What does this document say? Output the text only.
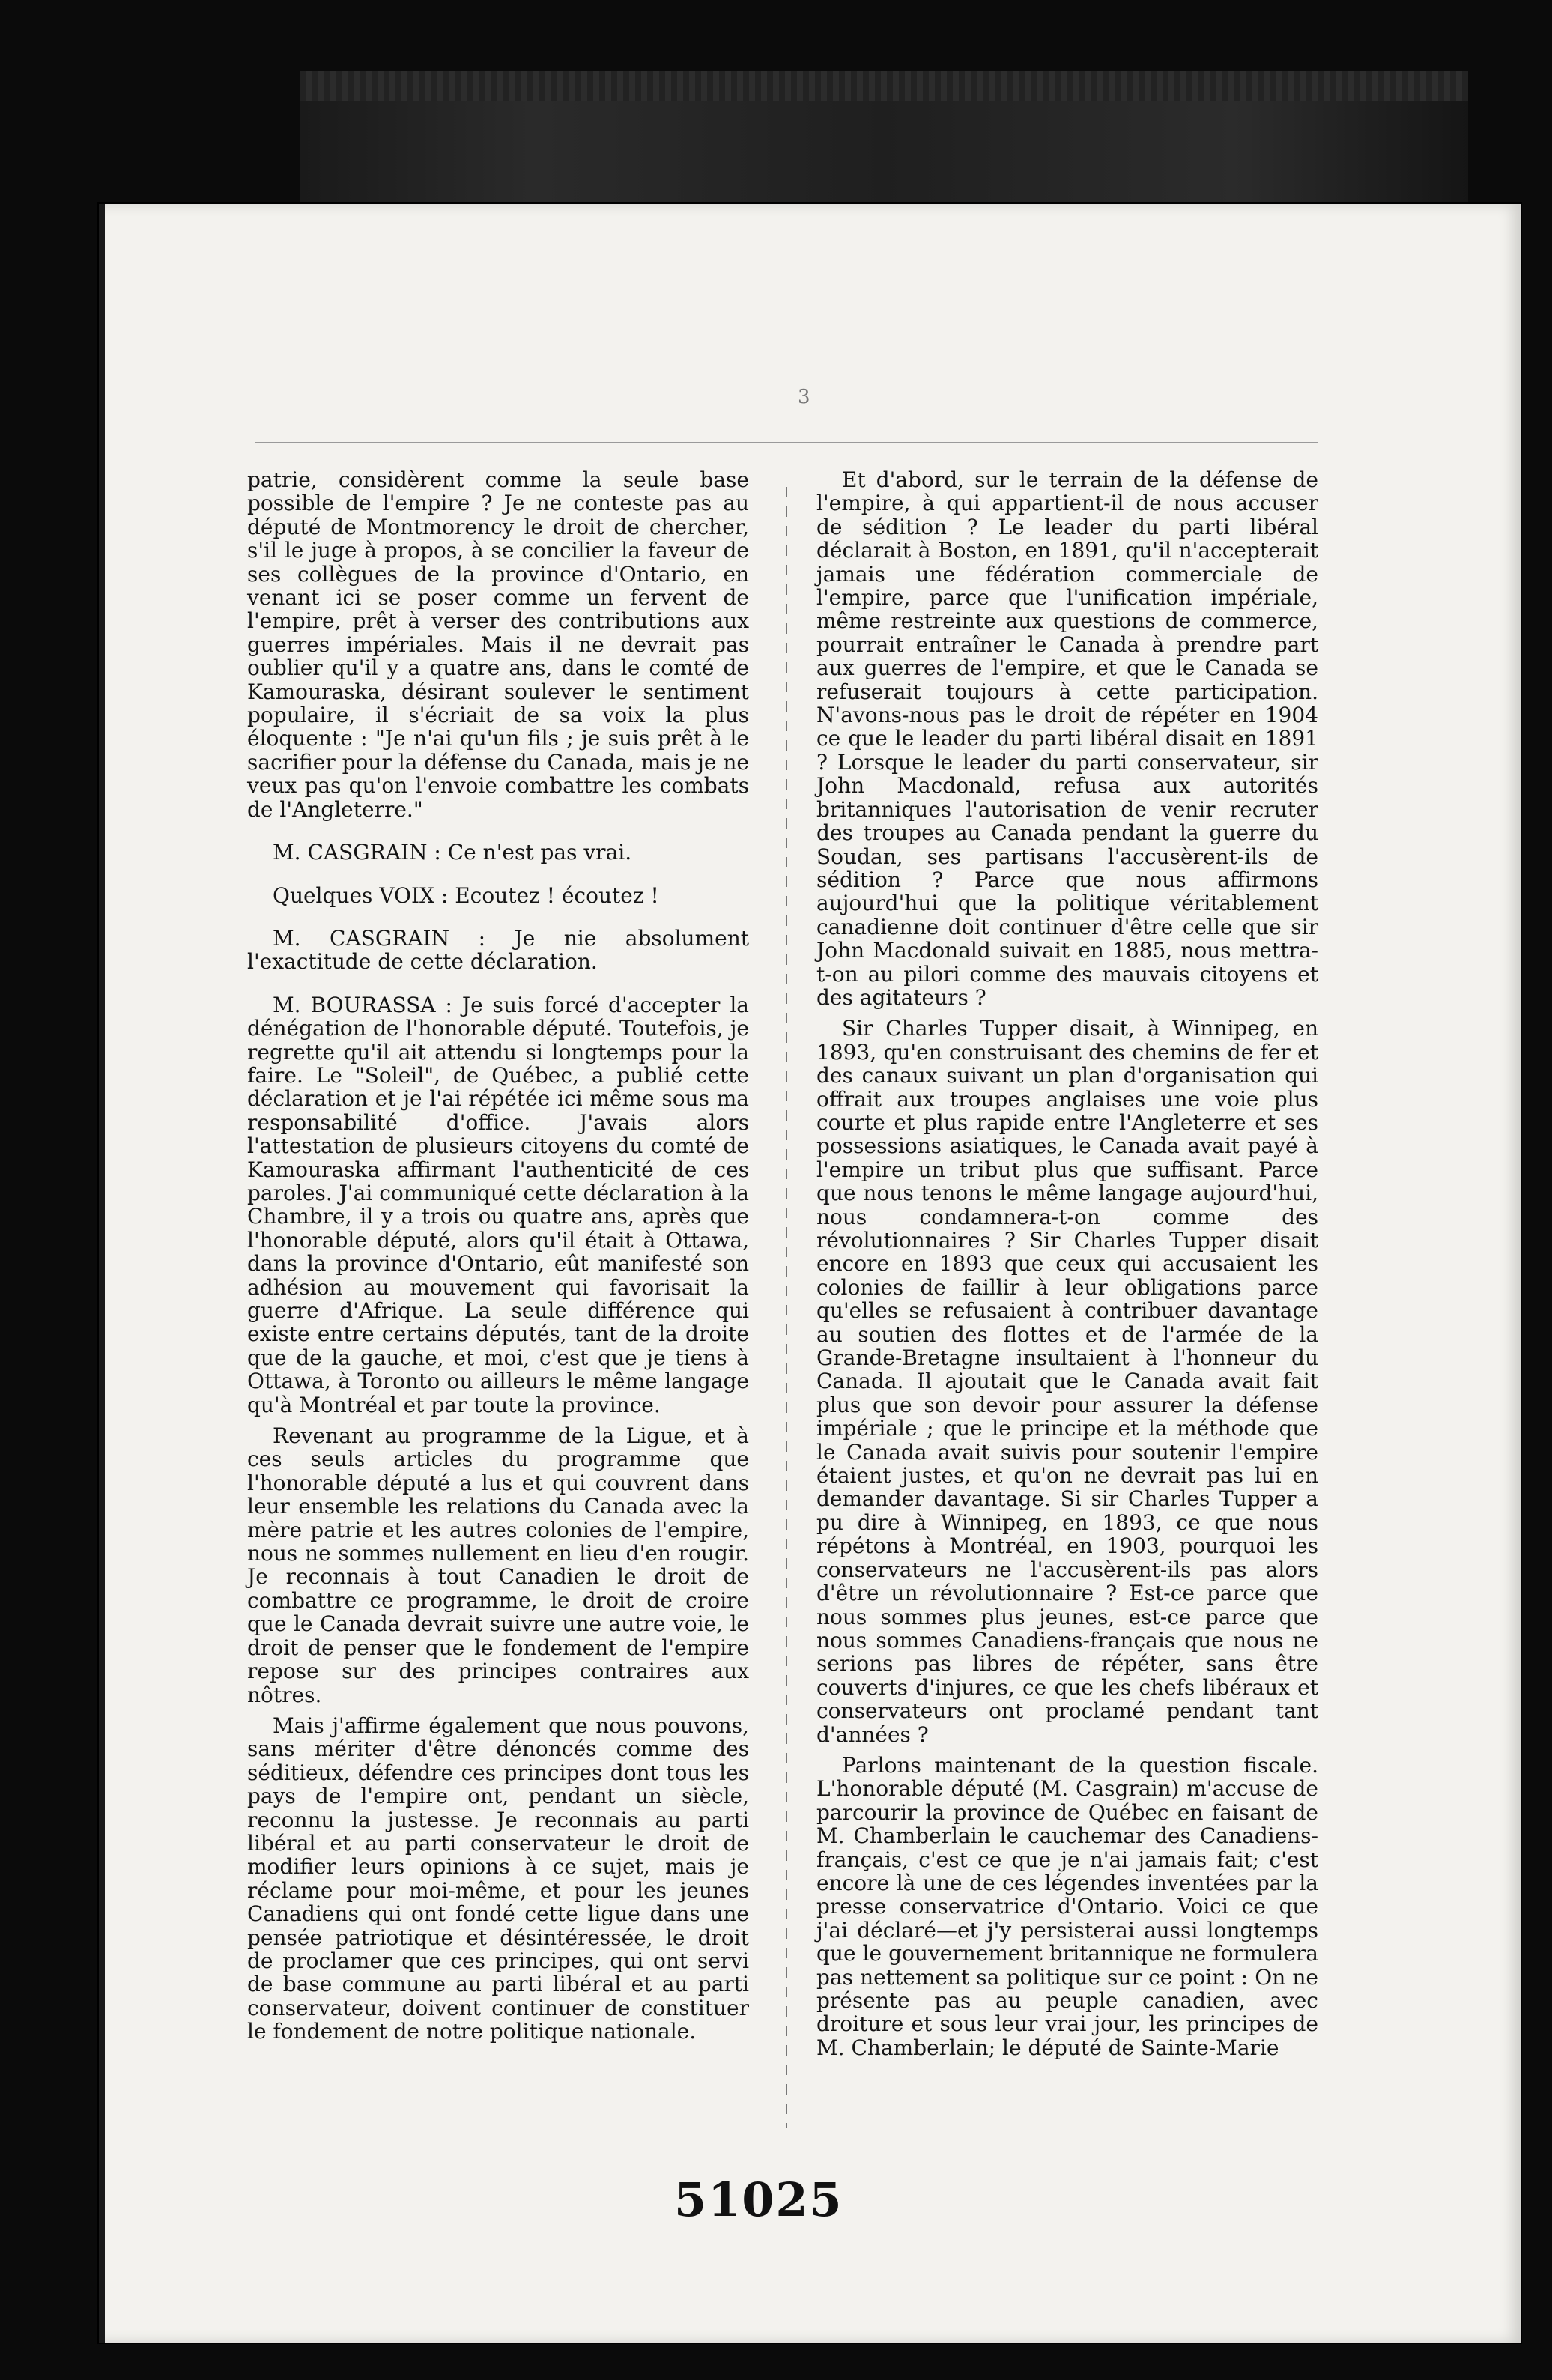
3

patrie, considèrent comme la seule base possible de l'empire ? Je ne conteste pas au député de Montmorency le droit de chercher, s'il le juge à propos, à se concilier la faveur de ses collègues de la province d'Ontario, en venant ici se poser comme un fervent de l'empire, prêt à verser des contributions aux guerres impériales. Mais il ne devrait pas oublier qu'il y a quatre ans, dans le comté de Kamouraska, désirant soulever le sentiment populaire, il s'écriait de sa voix la plus éloquente : "Je n'ai qu'un fils ; je suis prêt à le sacrifier pour la défense du Canada, mais je ne veux pas qu'on l'envoie combattre les combats de l'Angleterre."

M. CASGRAIN : Ce n'est pas vrai.

Quelques VOIX : Ecoutez ! écoutez !

M. CASGRAIN : Je nie absolument l'exactitude de cette déclaration.

M. BOURASSA : Je suis forcé d'accepter la dénégation de l'honorable député. Toutefois, je regrette qu'il ait attendu si longtemps pour la faire. Le "Soleil", de Québec, a publié cette déclaration et je l'ai répétée ici même sous ma responsabilité d'office. J'avais alors l'attestation de plusieurs citoyens du comté de Kamouraska affirmant l'authenticité de ces paroles. J'ai communiqué cette déclaration à la Chambre, il y a trois ou quatre ans, après que l'honorable député, alors qu'il était à Ottawa, dans la province d'Ontario, eût manifesté son adhésion au mouvement qui favorisait la guerre d'Afrique. La seule différence qui existe entre certains députés, tant de la droite que de la gauche, et moi, c'est que je tiens à Ottawa, à Toronto ou ailleurs le même langage qu'à Montréal et par toute la province.

Revenant au programme de la Ligue, et à ces seuls articles du programme que l'honorable député a lus et qui couvrent dans leur ensemble les relations du Canada avec la mère patrie et les autres colonies de l'empire, nous ne sommes nullement en lieu d'en rougir. Je reconnais à tout Canadien le droit de combattre ce programme, le droit de croire que le Canada devrait suivre une autre voie, le droit de penser que le fondement de l'empire repose sur des principes contraires aux nôtres.

Mais j'affirme également que nous pouvons, sans mériter d'être dénoncés comme des séditieux, défendre ces principes dont tous les pays de l'empire ont, pendant un siècle, reconnu la justesse. Je reconnais au parti libéral et au parti conservateur le droit de modifier leurs opinions à ce sujet, mais je réclame pour moi-même, et pour les jeunes Canadiens qui ont fondé cette ligue dans une pensée patriotique et désintéressée, le droit de proclamer que ces principes, qui ont servi de base commune au parti libéral et au parti conservateur, doivent continuer de constituer le fondement de notre politique nationale.

Et d'abord, sur le terrain de la défense de l'empire, à qui appartient-il de nous accuser de sédition ? Le leader du parti libéral déclarait à Boston, en 1891, qu'il n'accepterait jamais une fédération commerciale de l'empire, parce que l'unification impériale, même restreinte aux questions de commerce, pourrait entraîner le Canada à prendre part aux guerres de l'empire, et que le Canada se refuserait toujours à cette participation. N'avons-nous pas le droit de répéter en 1904 ce que le leader du parti libéral disait en 1891 ? Lorsque le leader du parti conservateur, sir John Macdonald, refusa aux autorités britanniques l'autorisation de venir recruter des troupes au Canada pendant la guerre du Soudan, ses partisans l'accusèrent-ils de sédition ? Parce que nous affirmons aujourd'hui que la politique véritablement canadienne doit continuer d'être celle que sir John Macdonald suivait en 1885, nous mettra-t-on au pilori comme des mauvais citoyens et des agitateurs ?

Sir Charles Tupper disait, à Winnipeg, en 1893, qu'en construisant des chemins de fer et des canaux suivant un plan d'organisation qui offrait aux troupes anglaises une voie plus courte et plus rapide entre l'Angleterre et ses possessions asiatiques, le Canada avait payé à l'empire un tribut plus que suffisant. Parce que nous tenons le même langage aujourd'hui, nous condamnera-t-on comme des révolutionnaires ? Sir Charles Tupper disait encore en 1893 que ceux qui accusaient les colonies de faillir à leur obligations parce qu'elles se refusaient à contribuer davantage au soutien des flottes et de l'armée de la Grande-Bretagne insultaient à l'honneur du Canada. Il ajoutait que le Canada avait fait plus que son devoir pour assurer la défense impériale ; que le principe et la méthode que le Canada avait suivis pour soutenir l'empire étaient justes, et qu'on ne devrait pas lui en demander davantage. Si sir Charles Tupper a pu dire à Winnipeg, en 1893, ce que nous répétons à Montréal, en 1903, pourquoi les conservateurs ne l'accusèrent-ils pas alors d'être un révolutionnaire ? Est-ce parce que nous sommes plus jeunes, est-ce parce que nous sommes Canadiens-français que nous ne serions pas libres de répéter, sans être couverts d'injures, ce que les chefs libéraux et conservateurs ont proclamé pendant tant d'années ?

Parlons maintenant de la question fiscale. L'honorable député (M. Casgrain) m'accuse de parcourir la province de Québec en faisant de M. Chamberlain le cauchemar des Canadiens-français, c'est ce que je n'ai jamais fait; c'est encore là une de ces légendes inventées par la presse conservatrice d'Ontario. Voici ce que j'ai déclaré—et j'y persisterai aussi longtemps que le gouvernement britannique ne formulera pas nettement sa politique sur ce point : On ne présente pas au peuple canadien, avec droiture et sous leur vrai jour, les principes de M. Chamberlain; le député de Sainte-Marie

51025
